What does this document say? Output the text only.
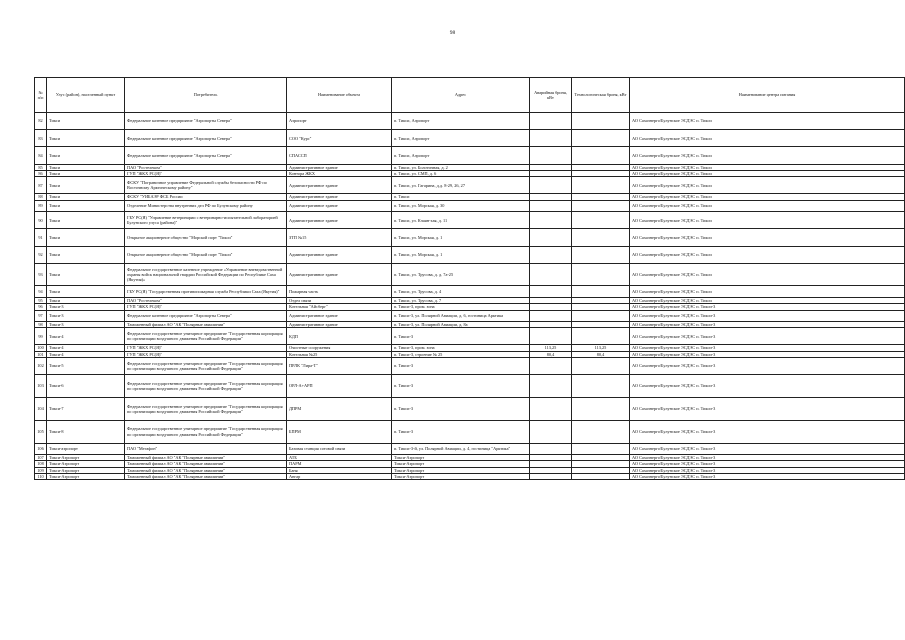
98
№ п/п	Улус (район), населенный пункт	Потребитель	Наименование объекта	Адрес	Аварийная броня, кВт	Технологическая броня, кВт	Наименование центра питания
82	Тикси	Федеральное казенное предприятие "Аэропорты Севера"	Аэропорт	п. Тикси, Аэропорт			АО Сахаэнерго/Булунское ЭСДЭС п. Тикси
83	Тикси	Федеральное казенное предприятие "Аэропорты Севера"	СОО "Курс"	п. Тикси, Аэропорт			АО Сахаэнерго/Булунское ЭСДЭС п. Тикси
84	Тикси	Федеральное казенное предприятие "Аэропорты Севера"	СПАССП	п. Тикси, Аэропорт			АО Сахаэнерго/Булунское ЭСДЭС п. Тикси
85	Тикси	ПАО "Ростелеком"	Административное здание	п. Тикси, ул. Болотичная, д. 2			АО Сахаэнерго/Булунское ЭСДЭС п. Тикси
86	Тикси	ГУП "ЖКХ РС(Я)"	Контора ЖКХ	п. Тикси, ул. СМП, д. 6			АО Сахаэнерго/Булунское ЭСДЭС п. Тикси
87	Тикси	ФСКУ "Пограничное управление Федеральной службы безопасности РФ по Восточному Арктическому району"	Административное здание	п. Тикси, ул. Гагарина, д.д. 8-29, 26, 27			АО Сахаэнерго/Булунское ЭСДЭС п. Тикси
88	Тикси	ФСКУ "УИБАЭР ФСБ России	Административное здание	п. Тикси			АО Сахаэнерго/Булунское ЭСДЭС п. Тикси
89	Тикси	Отделение Министерства внутренних дел РФ по Булунскому району	Административное здание	п. Тикси, ул. Морская, д. 30			АО Сахаэнерго/Булунское ЭСДЭС п. Тикси
90	Тикси	ГБУ РС(Я) "Управление ветеринарии с ветеринарно-испытательной лабораторией Булунского улуса (района)"	Административное здание	п. Тикси, ул. Кчаян-хая, д. 11			АО Сахаэнерго/Булунское ЭСДЭС п. Тикси
91	Тикси	Открытое акционерное общество "Морской порт "Тикси"	ЗТП №15	п. Тикси, ул. Морская, д. 1			АО Сахаэнерго/Булунское ЭСДЭС п. Тикси
92	Тикси	Открытое акционерное общество "Морской порт "Тикси"	Административное здание	п. Тикси, ул. Морская, д. 1			АО Сахаэнерго/Булунское ЭСДЭС п. Тикси
93	Тикси	Федеральное государственное казенное учреждение «Управление вневедомственной охраны войск национальной гвардии Российской Федерации по Республике Саха (Якутия)»	Административное здание	п. Тикси, ул. Трусова, д. д. 7а-25			АО Сахаэнерго/Булунское ЭСДЭС п. Тикси
94	Тикси	ГБУ РС(Я) "Государственная противопожарная служба Республики Саха (Якутия)"	Пожарная часть	п. Тикси, ул. Трусова, д. 4			АО Сахаэнерго/Булунское ЭСДЭС п. Тикси
95	Тикси	ПАО "Ростелеком"	Отдел связи	п. Тикси, ул. Трусова, д. 7			АО Сахаэнерго/Булунское ЭСДЭС п. Тикси
96	Тикси-3	ГУП "ЖКХ РС(Я)"	Котельная "Айсберг"	п. Тикси-3, пром. зона			АО Сахаэнерго/Булунское ЭСДЭС п. Тикси-3
97	Тикси-3	Федеральное казенное предприятие "Аэропорты Севера"	Административное здание	п. Тикси-3, ул. Полярной Авиации, д. 6, гостиница Арктика			АО Сахаэнерго/Булунское ЭСДЭС п. Тикси-3
98	Тикси-3	Таможенный филиал АО "АК "Полярные авиалинии"	Административное здание	п. Тикси-3, ул. Полярной Авиации, д. 8а			АО Сахаэнерго/Булунское ЭСДЭС п. Тикси-3
99	Тикси-4	Федеральное государственное унитарное предприятие "Государственная корпорация по организации воздушного движения Российской Федерации"	КДП	п. Тикси-3			АО Сахаэнерго/Булунское ЭСДЭС п. Тикси-3
100	Тикси-4	ГУП "ЖКХ РС(Я)"	Очистные сооружения	п. Тикси-3, пром. зона	113,25	113,25	АО Сахаэнерго/Булунское ЭСДЭС п. Тикси-3
101	Тикси-4	ГУП "ЖКХ РС(Я)"	Котельная №25	п. Тикси-3, строение № 25	80,4	80,4	АО Сахаэнерго/Булунское ЭСДЭС п. Тикси-3
102	Тикси-5	Федеральное государственное унитарное предприятие "Государственная корпорация по организации воздушного движения Российской Федерации"	ПРЛК "Лира-Т"	п. Тикси-3			АО Сахаэнерго/Булунское ЭСДЭС п. Тикси-3
103	Тикси-6	Федеральное государственное унитарное предприятие "Государственная корпорация по организации воздушного движения Российской Федерации"	ОРЛ-А+АРП	п. Тикси-3			АО Сахаэнерго/Булунское ЭСДЭС п. Тикси-3
104	Тикси-7	Федеральное государственное унитарное предприятие "Государственная корпорация по организации воздушного движения Российской Федерации"	ДПРМ	п. Тикси-3			АО Сахаэнерго/Булунское ЭСДЭС п. Тикси-3
105	Тикси-8	Федеральное государственное унитарное предприятие "Государственная корпорация по организации воздушного движения Российской Федерации"	БПРМ	п. Тикси-3			АО Сахаэнерго/Булунское ЭСДЭС п. Тикси-3
106	Тикси-аэропорт	ПАО "Мегафон"	Базовая станция сотовой связи	п. Тикси-3-й, ул. Полярной Авиации, д. 4, гостиница "Арктика"			АО Сахаэнерго/Булунское ЭСДЭС п. Тикси-3
107	Тикси-Аэропорт	Таможенный филиал АО "АК "Полярные авиалинии"	АТБ	Тикси-Аэропорт			АО Сахаэнерго/Булунское ЭСДЭС п. Тикси-3
108	Тикси-Аэропорт	Таможенный филиал АО "АК "Полярные авиалинии"	ПАРМ	Тикси-Аэропорт			АО Сахаэнерго/Булунское ЭСДЭС п. Тикси-3
109	Тикси-Аэропорт	Таможенный филиал АО "АК "Полярные авиалинии"	Баня	Тикси-Аэропорт			АО Сахаэнерго/Булунское ЭСДЭС п. Тикси-3
110	Тикси-Аэропорт	Таможенный филиал АО "АК "Полярные авиалинии"	Ангар	Тикси-Аэропорт			АО Сахаэнерго/Булунское ЭСДЭС п. Тикси-3
